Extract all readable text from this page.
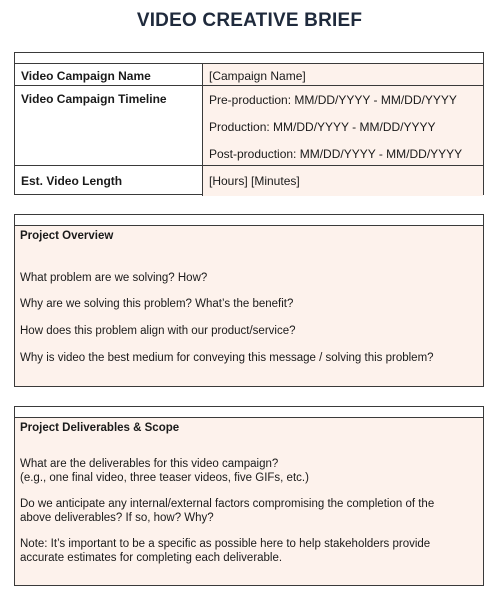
VIDEO CREATIVE BRIEF
Video Campaign Name	[Campaign Name]
Video Campaign Timeline	Pre-production: MM/DD/YYYY - MM/DD/YYYY
Production: MM/DD/YYYY - MM/DD/YYYY
Post-production: MM/DD/YYYY - MM/DD/YYYY
Est. Video Length	[Hours] [Minutes]
Project Overview
What problem are we solving? How?
Why are we solving this problem? What’s the benefit?
How does this problem align with our product/service?
Why is video the best medium for conveying this message / solving this problem?
Project Deliverables & Scope
What are the deliverables for this video campaign?
(e.g., one final video, three teaser videos, five GIFs, etc.)
Do we anticipate any internal/external factors compromising the completion of the
above deliverables? If so, how? Why?
Note: It’s important to be a specific as possible here to help stakeholders provide
accurate estimates for completing each deliverable.
